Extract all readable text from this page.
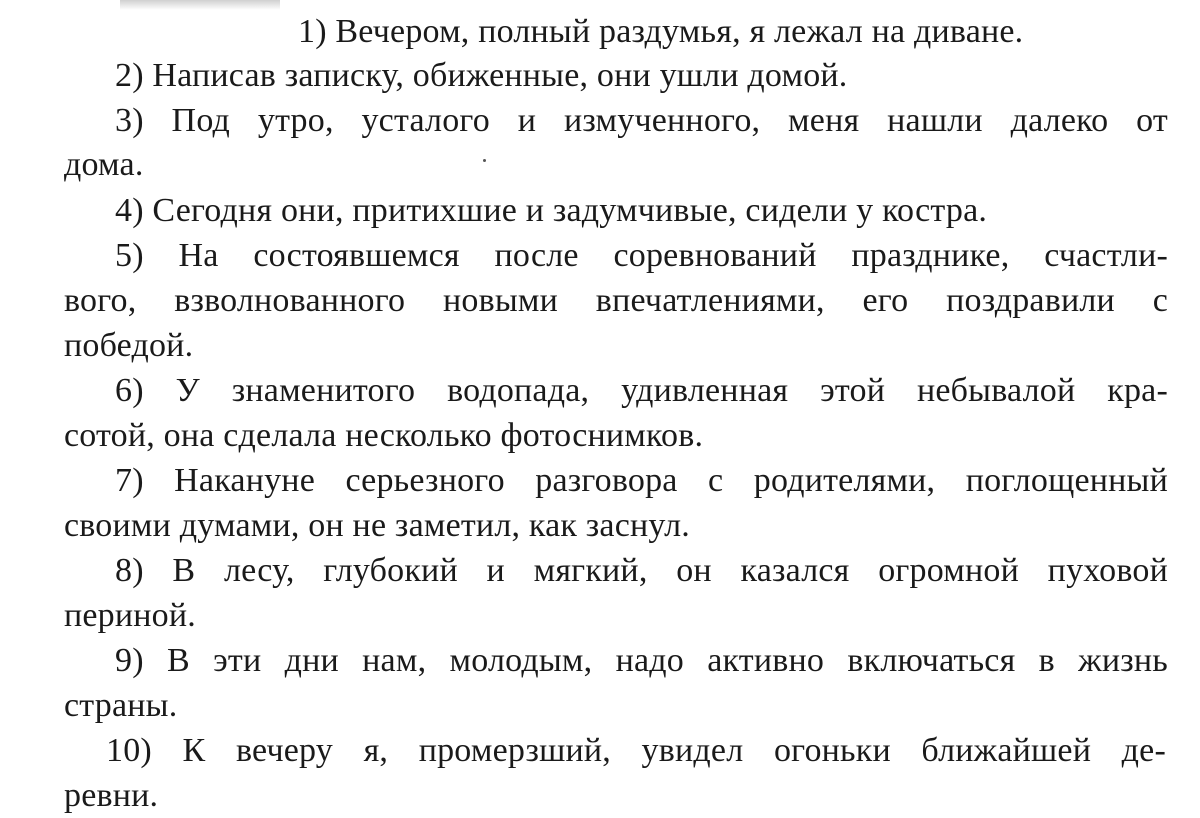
1) Вечером, полный раздумья, я лежал на диване.
2) Написав записку, обиженные, они ушли домой.
3) Под утро, усталого и измученного, меня нашли далеко от
дома.
4) Сегодня они, притихшие и задумчивые, сидели у костра.
5) На состоявшемся после соревнований празднике, счастли-
вого, взволнованного новыми впечатлениями, его поздравили с
победой.
6) У знаменитого водопада, удивленная этой небывалой кра-
сотой, она сделала несколько фотоснимков.
7) Накануне серьезного разговора с родителями, поглощенный
своими думами, он не заметил, как заснул.
8) В лесу, глубокий и мягкий, он казался огромной пуховой
периной.
9) В эти дни нам, молодым, надо активно включаться в жизнь
страны.
10) К вечеру я, промерзший, увидел огоньки ближайшей де-
ревни.
